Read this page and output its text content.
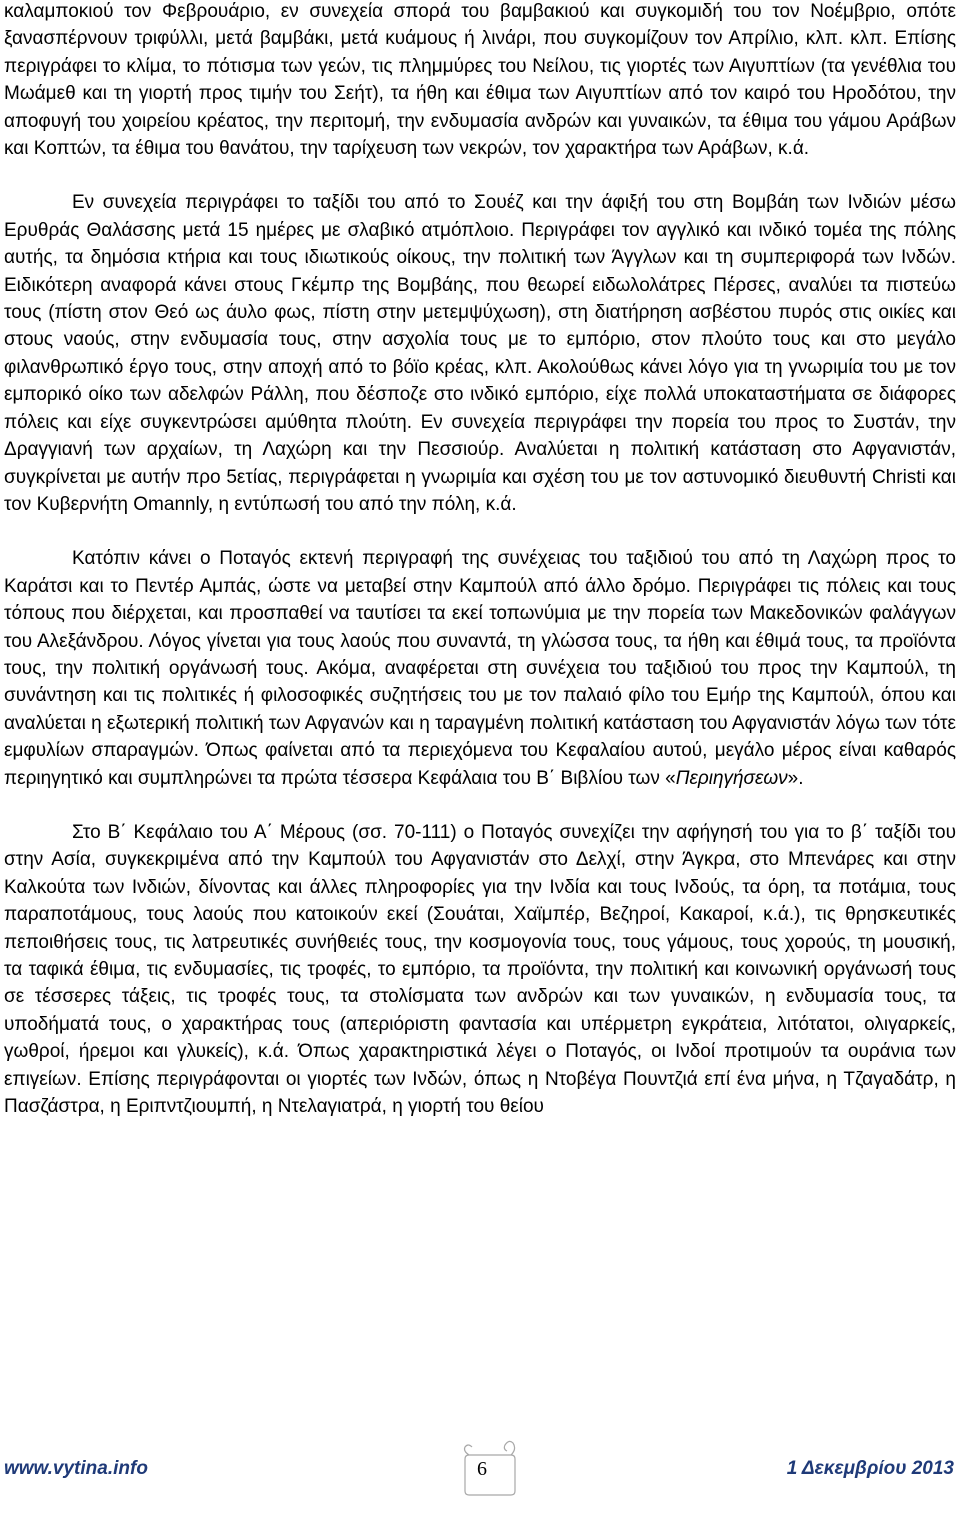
καλαμποκιού τον Φεβρουάριο, εν συνεχεία σπορά του βαμβακιού και συγκομιδή του τον Νοέμβριο, οπότε ξανασπέρνουν τριφύλλι, μετά βαμβάκι, μετά κυάμους ή λινάρι, που συγκομίζουν τον Απρίλιο, κλπ. κλπ. Επίσης περιγράφει το κλίμα, το πότισμα των γεών, τις πλημμύρες του Νείλου, τις γιορτές των Αιγυπτίων (τα γενέθλια του Μωάμεθ και τη γιορτή προς τιμήν του Σεήτ), τα ήθη και έθιμα των Αιγυπτίων από τον καιρό του Ηροδότου, την αποφυγή του χοιρείου κρέατος, την περιτομή, την ενδυμασία ανδρών και γυναικών, τα έθιμα του γάμου Αράβων και Κοπτών, τα έθιμα του θανάτου, την ταρίχευση των νεκρών, τον χαρακτήρα των Αράβων, κ.ά.

Εν συνεχεία περιγράφει το ταξίδι του από το Σουέζ και την άφιξή του στη Βομβάη των Ινδιών μέσω Ερυθράς Θαλάσσης μετά 15 ημέρες με σλαβικό ατμόπλοιο. Περιγράφει τον αγγλικό και ινδικό τομέα της πόλης αυτής, τα δημόσια κτήρια και τους ιδιωτικούς οίκους, την πολιτική των Άγγλων και τη συμπεριφορά των Ινδών. Ειδικότερη αναφορά κάνει στους Γκέμπρ της Βομβάης, που θεωρεί ειδωλολάτρες Πέρσες, αναλύει τα πιστεύω τους (πίστη στον Θεό ως άυλο φως, πίστη στην μετεμψύχωση), στη διατήρηση ασβέστου πυρός στις οικίες και στους ναούς, στην ενδυμασία τους, στην ασχολία τους με το εμπόριο, στον πλούτο τους και στο μεγάλο φιλανθρωπικό έργο τους, στην αποχή από το βόϊο κρέας, κλπ. Ακολούθως κάνει λόγο για τη γνωριμία του με τον εμπορικό οίκο των αδελφών Ράλλη, που δέσποζε στο ινδικό εμπόριο, είχε πολλά υποκαταστήματα σε διάφορες πόλεις και είχε συγκεντρώσει αμύθητα πλούτη. Εν συνεχεία περιγράφει την πορεία του προς το Συστάν, την Δραγγιανή των αρχαίων, τη Λαχώρη και την Πεσσιούρ. Αναλύεται η πολιτική κατάσταση στο Αφγανιστάν, συγκρίνεται με αυτήν προ 5ετίας, περιγράφεται η γνωριμία και σχέση του με τον αστυνομικό διευθυντή Christi και τον Κυβερνήτη Omannly, η εντύπωσή του από την πόλη, κ.ά.

Κατόπιν κάνει ο Ποταγός εκτενή περιγραφή της συνέχειας του ταξιδιού του από τη Λαχώρη προς το Καράτσι και το Πεντέρ Αμπάς, ώστε να μεταβεί στην Καμπούλ από άλλο δρόμο. Περιγράφει τις πόλεις και τους τόπους που διέρχεται, και προσπαθεί να ταυτίσει τα εκεί τοπωνύμια με την πορεία των Μακεδονικών φαλάγγων του Αλεξάνδρου. Λόγος γίνεται για τους λαούς που συναντά, τη γλώσσα τους, τα ήθη και έθιμά τους, τα προϊόντα τους, την πολιτική οργάνωσή τους. Ακόμα, αναφέρεται στη συνέχεια του ταξιδιού του προς την Καμπούλ, τη συνάντηση και τις πολιτικές ή φιλοσοφικές συζητήσεις του με τον παλαιό φίλο του Εμήρ της Καμπούλ, όπου και αναλύεται η εξωτερική πολιτική των Αφγανών και η ταραγμένη πολιτική κατάσταση του Αφγανιστάν λόγω των τότε εμφυλίων σπαραγμών. Όπως φαίνεται από τα περιεχόμενα του Κεφαλαίου αυτού, μεγάλο μέρος είναι καθαρός περιηγητικό και συμπληρώνει τα πρώτα τέσσερα Κεφάλαια του Β΄ Βιβλίου των «Περιηγήσεων».

Στο Β΄ Κεφάλαιο του Α΄ Μέρους (σσ. 70-111) ο Ποταγός συνεχίζει την αφήγησή του για το β΄ ταξίδι του στην Ασία, συγκεκριμένα από την Καμπούλ του Αφγανιστάν στο Δελχί, στην Άγκρα, στο Μπενάρες και στην Καλκούτα των Ινδιών, δίνοντας και άλλες πληροφορίες για την Ινδία και τους Ινδούς, τα όρη, τα ποτάμια, τους παραποτάμους, τους λαούς που κατοικούν εκεί (Σουάται, Χαϊμπέρ, Βεζηροί, Κακαροί, κ.ά.), τις θρησκευτικές πεποιθήσεις τους, τις λατρευτικές συνήθειές τους, την κοσμογονία τους, τους γάμους, τους χορούς, τη μουσική, τα ταφικά έθιμα, τις ενδυμασίες, τις τροφές, το εμπόριο, τα προϊόντα, την πολιτική και κοινωνική οργάνωσή τους σε τέσσερες τάξεις, τις τροφές τους, τα στολίσματα των ανδρών και των γυναικών, η ενδυμασία τους, τα υποδήματά τους, ο χαρακτήρας τους (απεριόριστη φαντασία και υπέρμετρη εγκράτεια, λιτότατοι, ολιγαρκείς, γωθροί, ήρεμοι και γλυκείς), κ.ά. Όπως χαρακτηριστικά λέγει ο Ποταγός, οι Ινδοί προτιμούν τα ουράνια των επιγείων. Επίσης περιγράφονται οι γιορτές των Ινδών, όπως η Ντοβέγα Πουντζιά επί ένα μήνα, η Τζαγαδάτρ, η Πασζάστρα, η Εριπντζιουμπή, η Ντελαγιατρά, η γιορτή του θείου

www.vytina.info	6	1 Δεκεμβρίου 2013
